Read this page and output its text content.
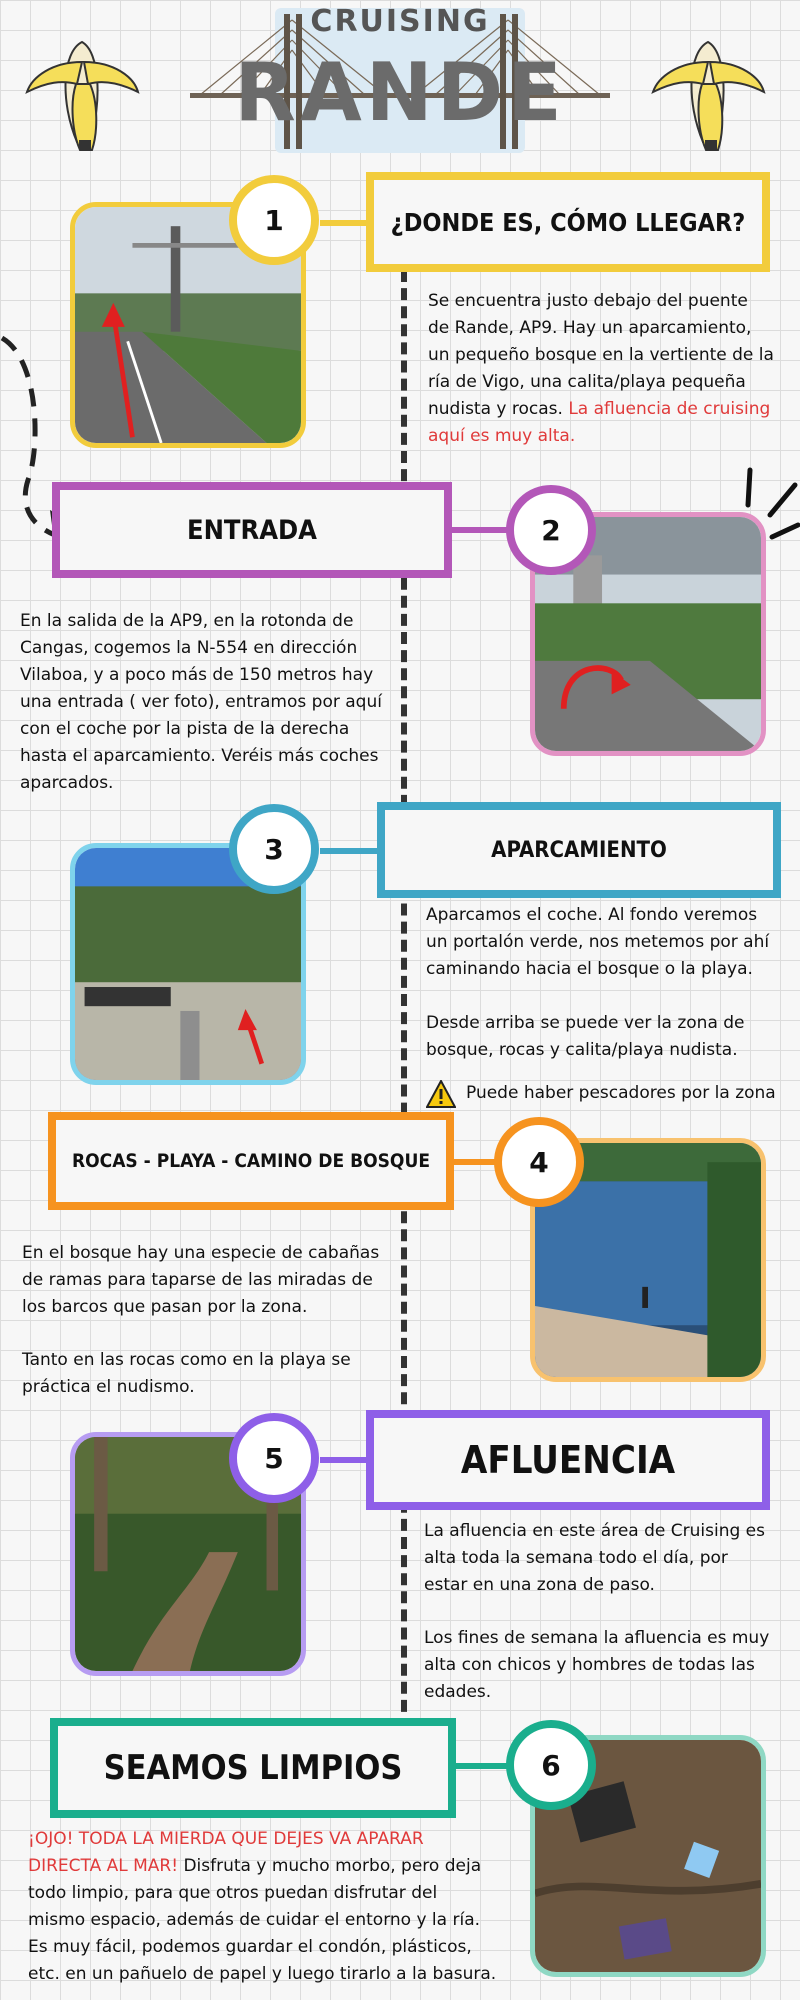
CRUISING
RANDE
1	¿DONDE ES, CÓMO LLEGAR?
Se encuentra justo debajo del puente de Rande, AP9. Hay un aparcamiento, un pequeño bosque en la vertiente de la ría de Vigo, una calita/playa pequeña nudista y rocas. La afluencia de cruising aquí es muy alta.
ENTRADA	2
En la salida de la AP9, en la rotonda de Cangas, cogemos la N-554 en dirección Vilaboa, y a poco más de 150 metros hay una entrada ( ver foto), entramos por aquí con el coche por la pista de la derecha hasta el aparcamiento. Veréis más coches aparcados.
3	APARCAMIENTO
Aparcamos el coche. Al fondo veremos un portalón verde, nos metemos por ahí caminando hacia el bosque o la playa.
Desde arriba se puede ver la zona de bosque, rocas y calita/playa nudista.
Puede haber pescadores por la zona
ROCAS - PLAYA - CAMINO DE BOSQUE	4
En el bosque hay una especie de cabañas de ramas para taparse de las miradas de los barcos que pasan por la zona.
Tanto en las rocas como en la playa se práctica el nudismo.
5	AFLUENCIA
La afluencia en este área de Cruising es alta toda la semana todo el día, por estar en una zona de paso.
Los fines de semana la afluencia es muy alta con chicos y hombres de todas las edades.
SEAMOS LIMPIOS	6
¡OJO! TODA LA MIERDA QUE DEJES VA APARAR DIRECTA AL MAR! Disfruta y mucho morbo, pero deja todo limpio, para que otros puedan disfrutar del mismo espacio, además de cuidar el entorno y la ría. Es muy fácil, podemos guardar el condón, plásticos, etc. en un pañuelo de papel y luego tirarlo a la basura.
